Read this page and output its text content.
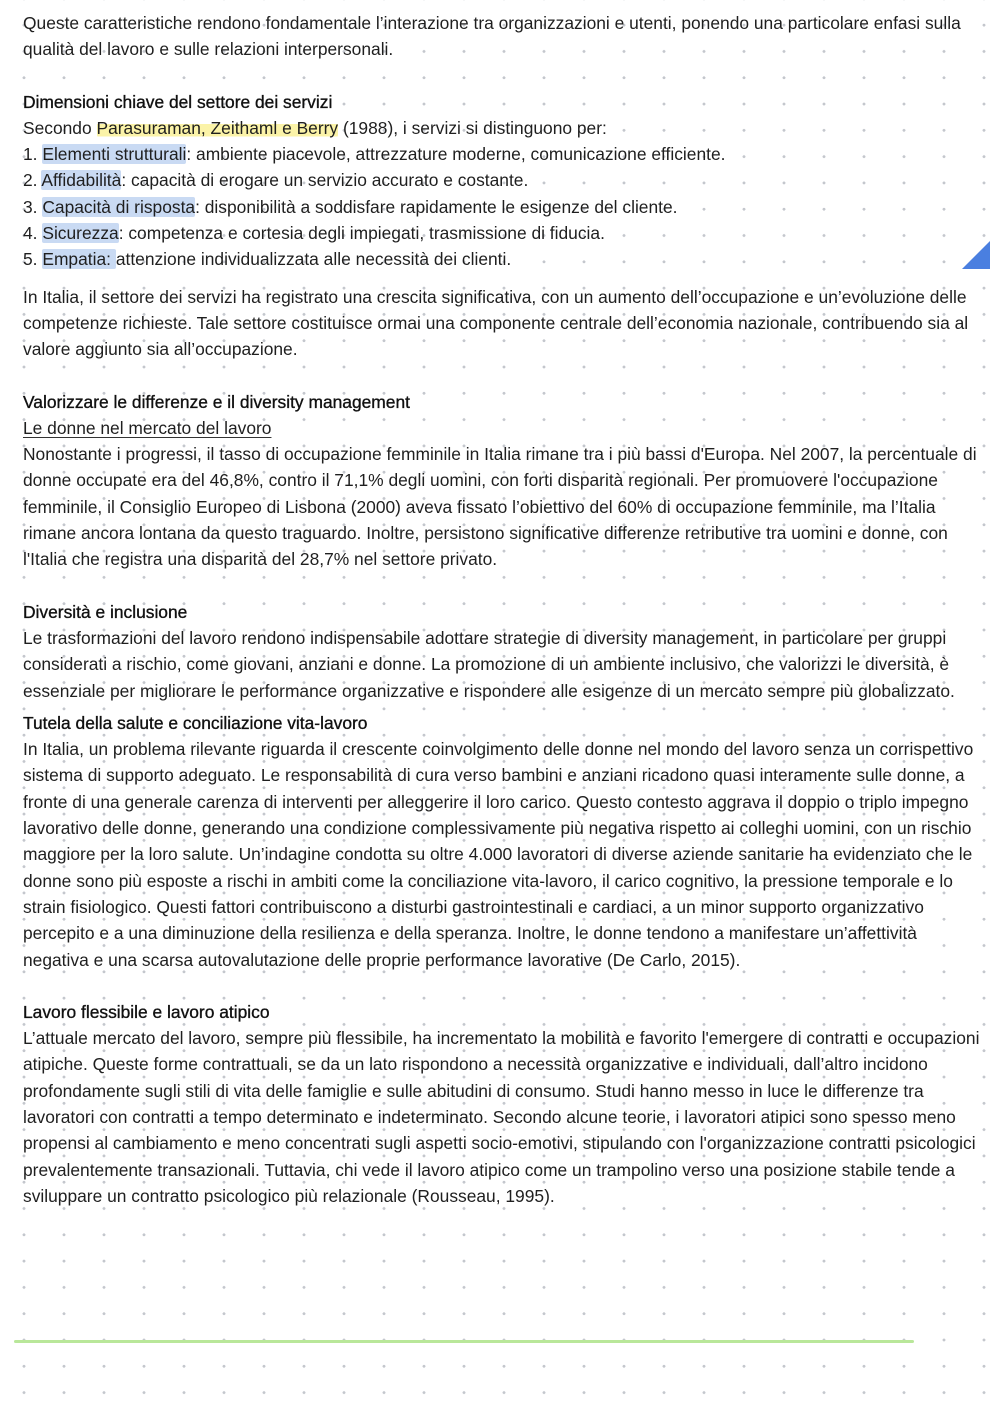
Queste caratteristiche rendono fondamentale l’interazione tra organizzazioni e utenti, ponendo una particolare enfasi sulla qualità del lavoro e sulle relazioni interpersonali.

Dimensioni chiave del settore dei servizi

Secondo Parasuraman, Zeithaml e Berry (1988), i servizi si distinguono per:

1. Elementi strutturali: ambiente piacevole, attrezzature moderne, comunicazione efficiente.
2. Affidabilità: capacità di erogare un servizio accurato e costante.
3. Capacità di risposta: disponibilità a soddisfare rapidamente le esigenze del cliente.
4. Sicurezza: competenza e cortesia degli impiegati, trasmissione di fiducia.
5. Empatia: attenzione individualizzata alle necessità dei clienti.

In Italia, il settore dei servizi ha registrato una crescita significativa, con un aumento dell’occupazione e un’evoluzione delle competenze richieste. Tale settore costituisce ormai una componente centrale dell’economia nazionale, contribuendo sia al valore aggiunto sia all’occupazione.

Valorizzare le differenze e il diversity management

Le donne nel mercato del lavoro

Nonostante i progressi, il tasso di occupazione femminile in Italia rimane tra i più bassi d'Europa. Nel 2007, la percentuale di donne occupate era del 46,8%, contro il 71,1% degli uomini, con forti disparità regionali. Per promuovere l'occupazione femminile, il Consiglio Europeo di Lisbona (2000) aveva fissato l’obiettivo del 60% di occupazione femminile, ma l’Italia rimane ancora lontana da questo traguardo. Inoltre, persistono significative differenze retributive tra uomini e donne, con l'Italia che registra una disparità del 28,7% nel settore privato.

Diversità e inclusione

Le trasformazioni del lavoro rendono indispensabile adottare strategie di diversity management, in particolare per gruppi considerati a rischio, come giovani, anziani e donne. La promozione di un ambiente inclusivo, che valorizzi le diversità, è essenziale per migliorare le performance organizzative e rispondere alle esigenze di un mercato sempre più globalizzato.

Tutela della salute e conciliazione vita-lavoro

In Italia, un problema rilevante riguarda il crescente coinvolgimento delle donne nel mondo del lavoro senza un corrispettivo sistema di supporto adeguato. Le responsabilità di cura verso bambini e anziani ricadono quasi interamente sulle donne, a fronte di una generale carenza di interventi per alleggerire il loro carico. Questo contesto aggrava il doppio o triplo impegno lavorativo delle donne, generando una condizione complessivamente più negativa rispetto ai colleghi uomini, con un rischio maggiore per la loro salute. Un’indagine condotta su oltre 4.000 lavoratori di diverse aziende sanitarie ha evidenziato che le donne sono più esposte a rischi in ambiti come la conciliazione vita-lavoro, il carico cognitivo, la pressione temporale e lo strain fisiologico. Questi fattori contribuiscono a disturbi gastrointestinali e cardiaci, a un minor supporto organizzativo percepito e a una diminuzione della resilienza e della speranza. Inoltre, le donne tendono a manifestare un’affettività negativa e una scarsa autovalutazione delle proprie performance lavorative (De Carlo, 2015).

Lavoro flessibile e lavoro atipico

L’attuale mercato del lavoro, sempre più flessibile, ha incrementato la mobilità e favorito l'emergere di contratti e occupazioni atipiche. Queste forme contrattuali, se da un lato rispondono a necessità organizzative e individuali, dall’altro incidono profondamente sugli stili di vita delle famiglie e sulle abitudini di consumo. Studi hanno messo in luce le differenze tra lavoratori con contratti a tempo determinato e indeterminato. Secondo alcune teorie, i lavoratori atipici sono spesso meno propensi al cambiamento e meno concentrati sugli aspetti socio-emotivi, stipulando con l'organizzazione contratti psicologici prevalentemente transazionali. Tuttavia, chi vede il lavoro atipico come un trampolino verso una posizione stabile tende a sviluppare un contratto psicologico più relazionale (Rousseau, 1995).
